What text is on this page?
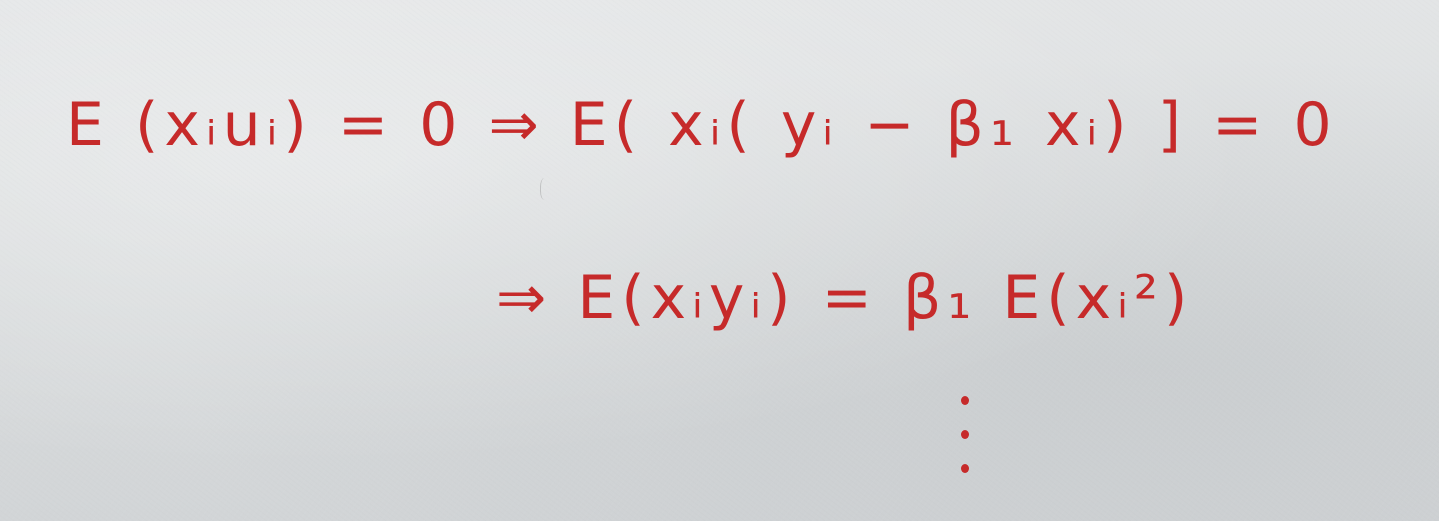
E (xᵢuᵢ) = 0 ⇒ E( xᵢ( yᵢ − β₁ xᵢ) ] = 0
⇒ E(xᵢyᵢ) = β₁ E(xᵢ²)
